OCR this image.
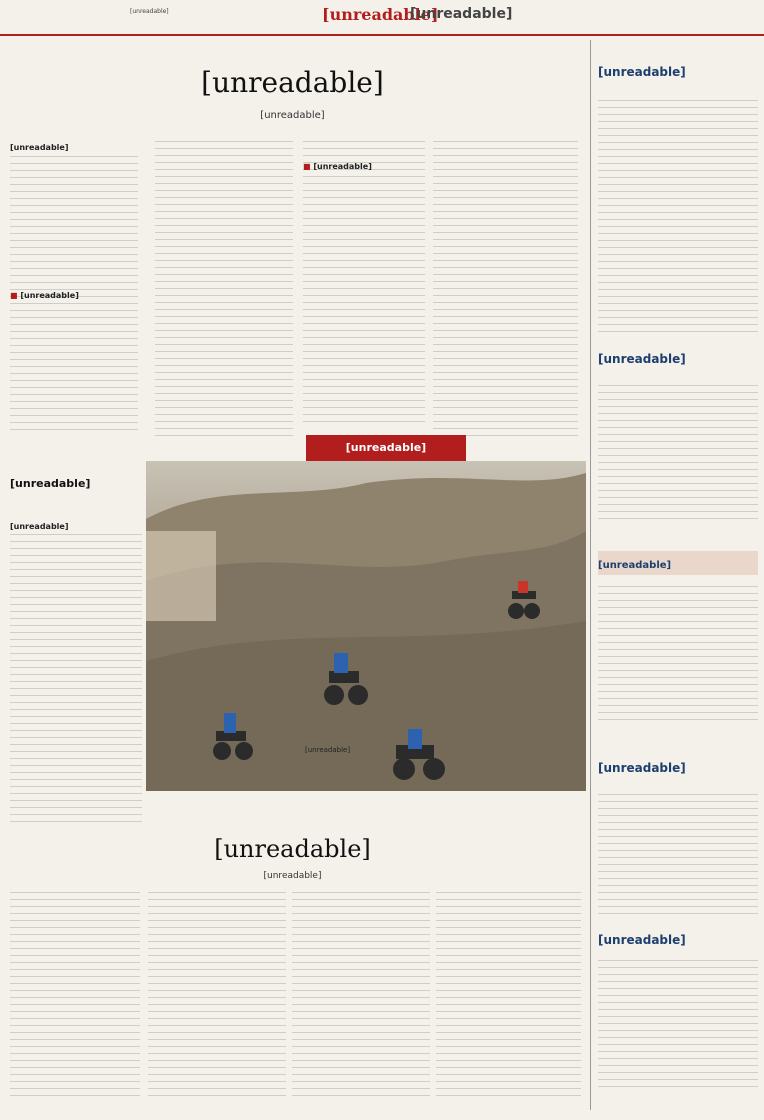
[unreadable]	[unreadable]
[unreadable]
[unreadable]
[unreadable]
[unreadable]
■ [unreadable]
■ [unreadable]
[unreadable]
[unreadable]
[unreadable]
[unreadable]
[unreadable]
[unreadable]
[unreadable]
[unreadable]
[unreadable]
[unreadable]
[unreadable]
